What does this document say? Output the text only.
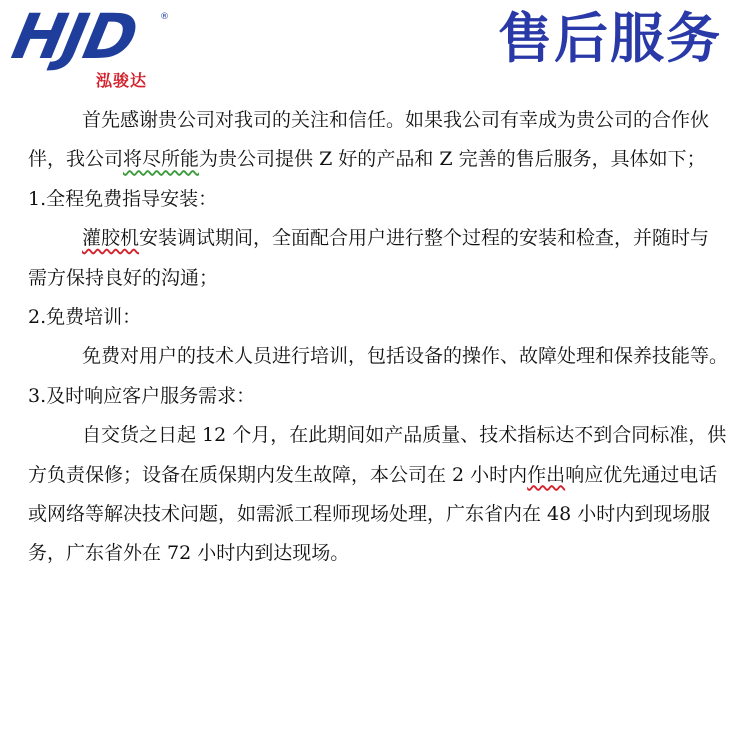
HJD ®
泓骏达
售后服务

首先感谢贵公司对我司的关注和信任。如果我公司有幸成为贵公司的合作伙伴，我公司将尽所能为贵公司提供 Z 好的产品和 Z 完善的售后服务，具体如下；

1.全程免费指导安装：

灌胶机安装调试期间，全面配合用户进行整个过程的安装和检查，并随时与需方保持良好的沟通；

2.免费培训：

免费对用户的技术人员进行培训，包括设备的操作、故障处理和保养技能等。

3.及时响应客户服务需求：

自交货之日起 12 个月，在此期间如产品质量、技术指标达不到合同标准，供方负责保修；设备在质保期内发生故障，本公司在 2 小时内作出响应优先通过电话或网络等解决技术问题，如需派工程师现场处理，广东省内在 48 小时内到现场服务，广东省外在 72 小时内到达现场。
